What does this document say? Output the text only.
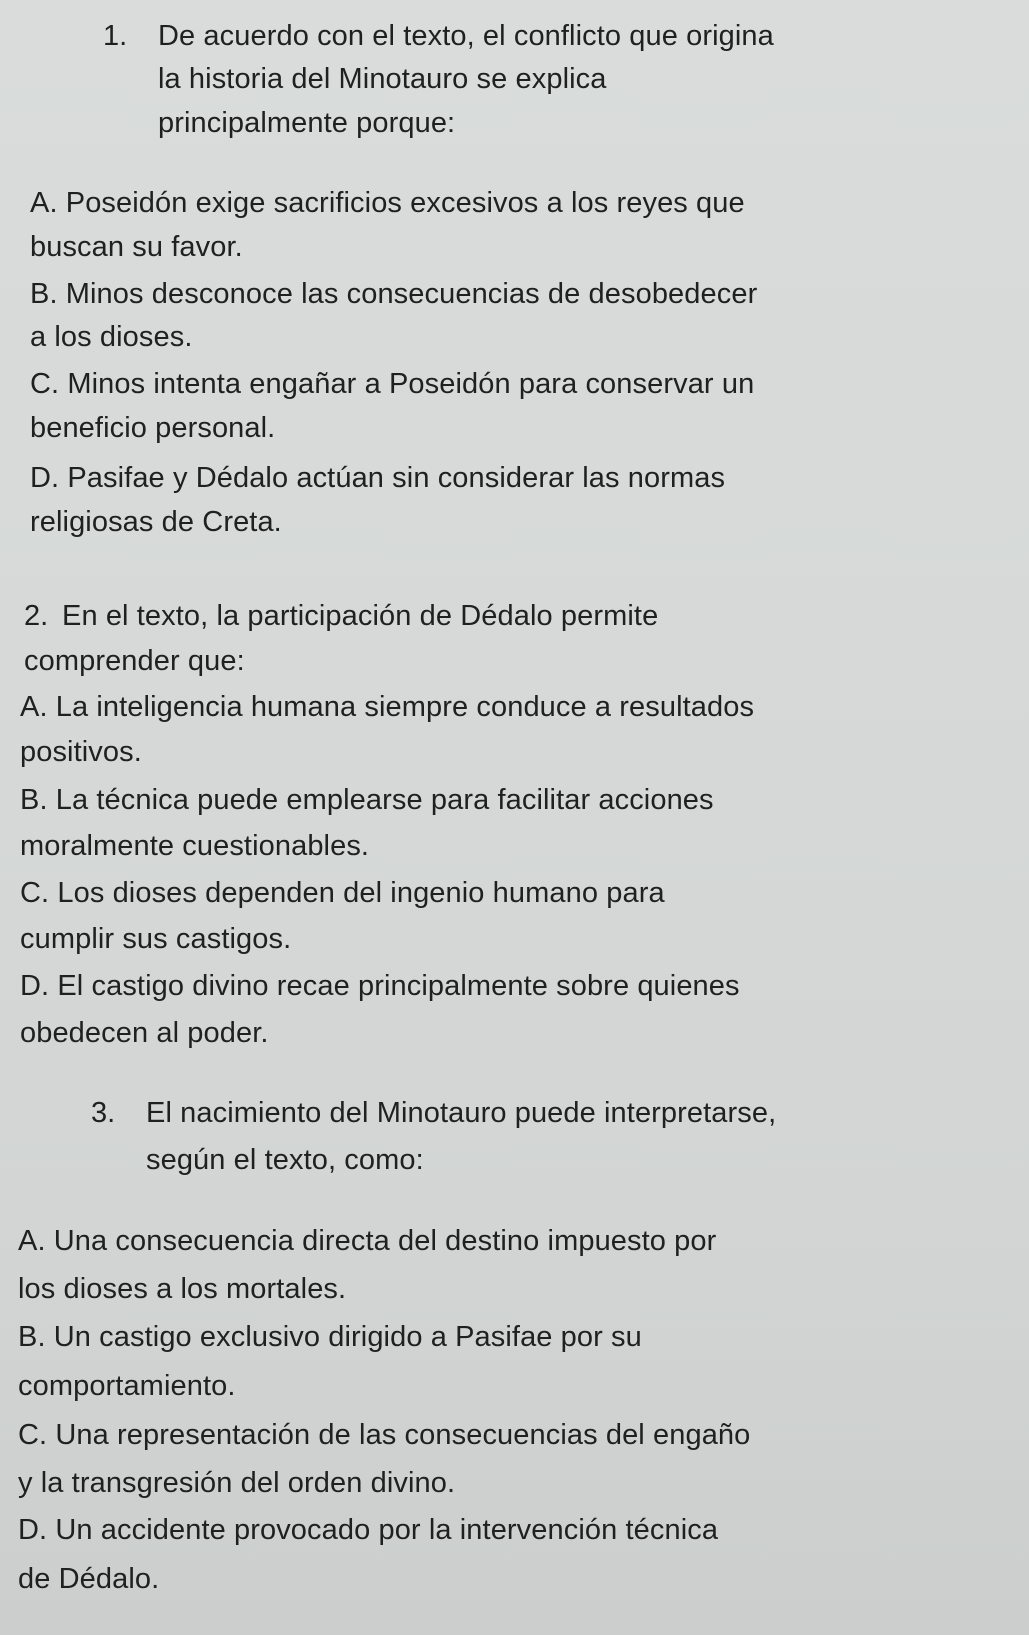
1. De acuerdo con el texto, el conflicto que origina
la historia del Minotauro se explica
principalmente porque:
A. Poseidón exige sacrificios excesivos a los reyes que
buscan su favor.
B. Minos desconoce las consecuencias de desobedecer
a los dioses.
C. Minos intenta engañar a Poseidón para conservar un
beneficio personal.
D. Pasifae y Dédalo actúan sin considerar las normas
religiosas de Creta.
2. En el texto, la participación de Dédalo permite
comprender que:
A. La inteligencia humana siempre conduce a resultados
positivos.
B. La técnica puede emplearse para facilitar acciones
moralmente cuestionables.
C. Los dioses dependen del ingenio humano para
cumplir sus castigos.
D. El castigo divino recae principalmente sobre quienes
obedecen al poder.
3. El nacimiento del Minotauro puede interpretarse,
según el texto, como:
A. Una consecuencia directa del destino impuesto por
los dioses a los mortales.
B. Un castigo exclusivo dirigido a Pasifae por su
comportamiento.
C. Una representación de las consecuencias del engaño
y la transgresión del orden divino.
D. Un accidente provocado por la intervención técnica
de Dédalo.
